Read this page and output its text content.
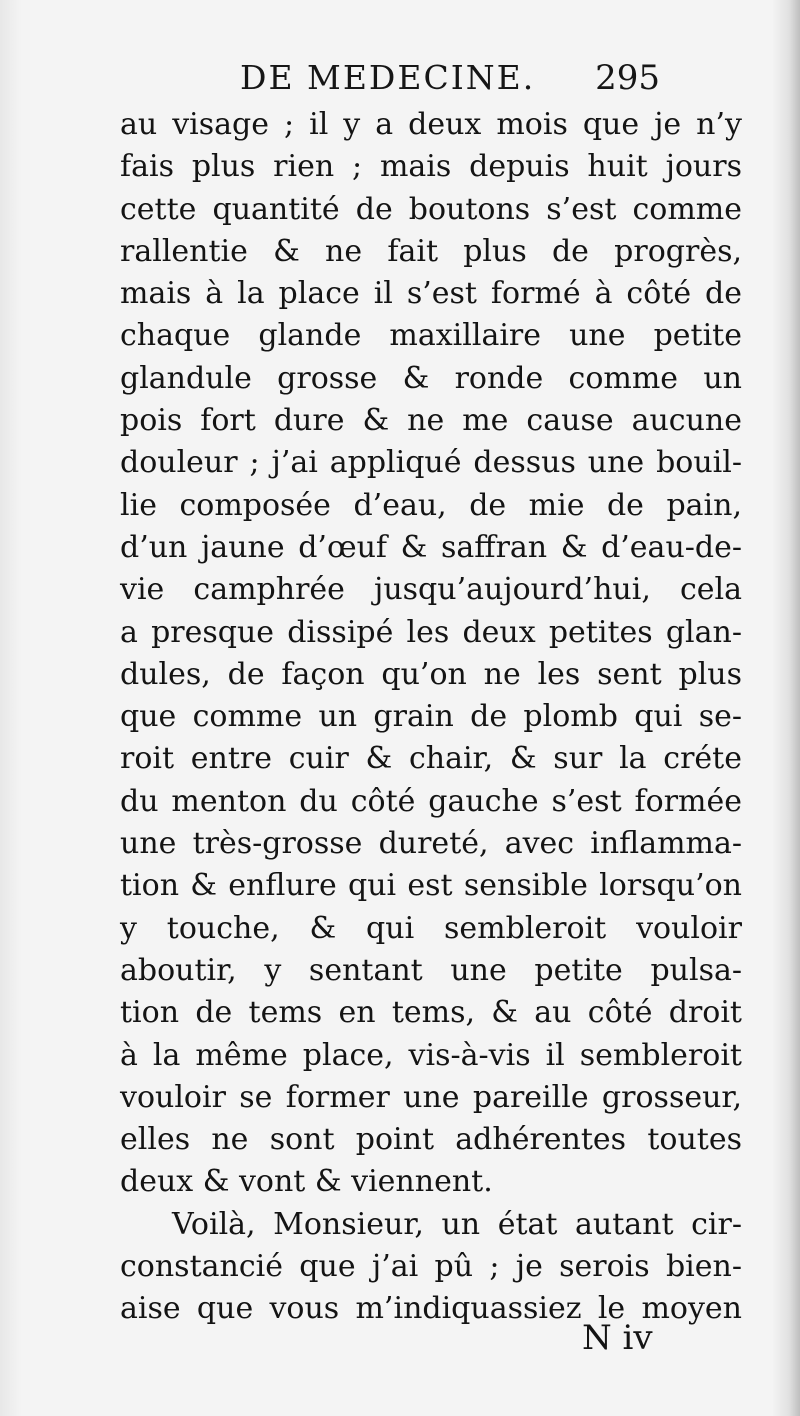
DE MEDECINE. 295
au visage ; il y a deux mois que je n’y
fais plus rien ; mais depuis huit jours
cette quantité de boutons s’est comme
rallentie & ne fait plus de progrès,
mais à la place il s’est formé à côté de
chaque glande maxillaire une petite
glandule grosse & ronde comme un
pois fort dure & ne me cause aucune
douleur ; j’ai appliqué dessus une bouil-
lie composée d’eau, de mie de pain,
d’un jaune d’œuf & saffran & d’eau-de-
vie camphrée jusqu’aujourd’hui, cela
a presque dissipé les deux petites glan-
dules, de façon qu’on ne les sent plus
que comme un grain de plomb qui se-
roit entre cuir & chair, & sur la créte
du menton du côté gauche s’est formée
une très-grosse dureté, avec inflamma-
tion & enflure qui est sensible lorsqu’on
y touche, & qui sembleroit vouloir
aboutir, y sentant une petite pulsa-
tion de tems en tems, & au côté droit
à la même place, vis-à-vis il sembleroit
vouloir se former une pareille grosseur,
elles ne sont point adhérentes toutes
deux & vont & viennent.
Voilà, Monsieur, un état autant cir-
constancié que j’ai pû ; je serois bien-
aise que vous m’indiquassiez le moyen
N iv
